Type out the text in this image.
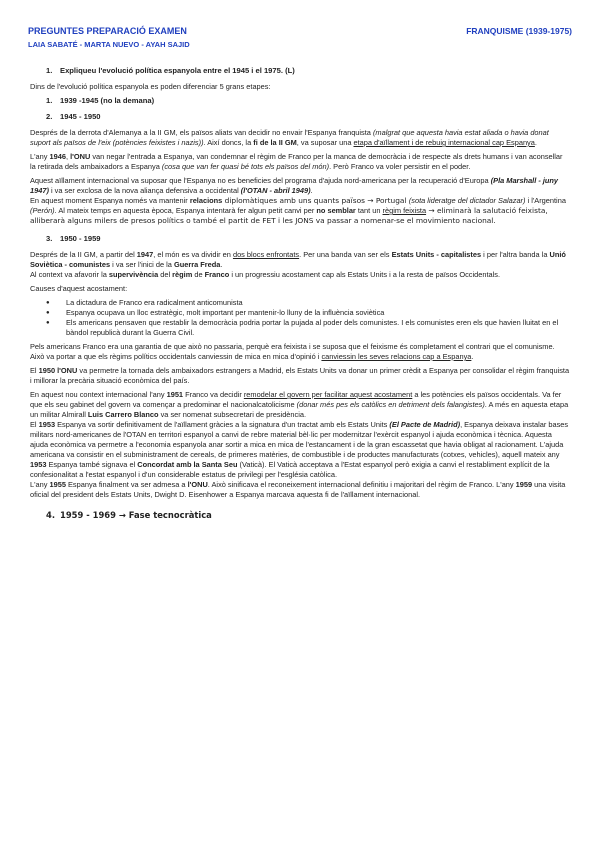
PREGUNTES PREPARACIÓ EXAMEN	FRANQUISME (1939-1975)
LAIA SABATÉ - MARTA NUEVO - AYAH SAJID
1. Expliqueu l'evolució política espanyola entre el 1945 i el 1975. (L)

Dins de l'evolució política espanyola es poden diferenciar 5 grans etapes:

1. 1939 -1945 (no la demana)
2. 1945 - 1950

Després de la derrota d'Alemanya a la II GM, els països aliats van decidir no envair l'Espanya franquista (malgrat que aquesta havia estat aliada o havia donat suport als països de l'eix (potències feixistes i nazis)). Així doncs, la fi de la II GM, va suposar una etapa d'aïllament i de rebuig internacional cap Espanya.

L'any 1946, l'ONU van negar l'entrada a Espanya, van condemnar el règim de Franco per la manca de democràcia i de respecte als drets humans i van aconsellar la retirada dels ambaixadors a Espanya (cosa que van fer quasi bé tots els països del món). Però Franco va voler persistir en el poder.

Aquest aïllament internacional va suposar que l'Espanya no es beneficies del programa d'ajuda nord-americana per la recuperació d'Europa (Pla Marshall - juny 1947) i va ser exclosa de la nova aliança defensiva a occidental (l'OTAN - abril 1949).

En aquest moment Espanya només va mantenir relacions diplomàtiques amb uns quants països → Portugal (sota lideratge del dictador Salazar) i l'Argentina (Perón). Al mateix temps en aquesta època, Espanya intentarà fer algun petit canvi per no semblar tant un règim feixista → eliminarà la salutació feixista, alliberarà alguns milers de presos polítics o també el partit de FET i les JONS va passar a nomenar-se el movimiento nacional.

3. 1950 - 1959

Després de la II GM, a partir del 1947, el món es va dividir en dos blocs enfrontats. Per una banda van ser els Estats Units - capitalistes i per l'altra banda la Unió Soviètica - comunistes i va ser l'inici de la Guerra Freda.
Al context va afavorir la supervivència del règim de Franco i un progressiu acostament cap als Estats Units i a la resta de països Occidentals.

Causes d'aquest acostament:

● La dictadura de Franco era radicalment anticomunista
● Espanya ocupava un lloc estratègic, molt important per mantenir-lo lluny de la influència soviètica
● Els americans pensaven que restablir la democràcia podria portar la pujada al poder dels comunistes. I els comunistes eren els que havien lluitat en el bàndol republicà durant la Guerra Civil.

Pels americans Franco era una garantia de que això no passaria, perquè era feixista i se suposa que el feixisme és completament el contrari que el comunisme. Això va portar a que els règims polítics occidentals canviessin de mica en mica d'opinió i canviessin les seves relacions cap a Espanya.

El 1950 l'ONU va permetre la tornada dels ambaixadors estrangers a Madrid, els Estats Units va donar un primer crèdit a Espanya per consolidar el règim franquista i millorar la precària situació econòmica del país.

En aquest nou context internacional l'any 1951 Franco va decidir remodelar el govern per facilitar aquest acostament a les potències els països occidentals. Va fer que els seu gabinet del govern va començar a predominar el nacionalcatolicisme (donar més pes els catòlics en detriment dels falangistes). A més en aquesta etapa un militar Almirall Luis Carrero Blanco va ser nomenat subsecretari de presidència.

El 1953 Espanya va sortir definitivament de l'aïllament gràcies a la signatura d'un tractat amb els Estats Units (El Pacte de Madrid), Espanya deixava instalar bases militars nord-americanes de l'OTAN en territori espanyol a canvi de rebre material bèl·lic per modernitzar l'exèrcit espanyol i ajuda econòmica i tècnica. Aquesta ajuda econòmica va permetre a l'economia espanyola anar sortir a mica en mica de l'estancament i de la gran escassetat que havia obligat al racionament. L'ajuda americana va consistir en el subministrament de cereals, de primeres matèries, de combustible i de productes manufacturats (cotxes, vehicles), aquell mateix any 1953 Espanya també signava el Concordat amb la Santa Seu (Vaticà). El Vaticà acceptava a l'Estat espanyol però exigia a canvi el restabliment explícit de la confesionalitat a l'estat espanyol i d'un considerable estatus de privilegi per l'església catòlica.

L'any 1955 Espanya finalment va ser admesa a l'ONU. Això sinificava el reconeixement internacional definitiu i majoritari del règim de Franco. L'any 1959 una visita oficial del president dels Estats Units, Dwight D. Eisenhower a Espanya marcava aquesta fi de l'aïllament internacional.

4. 1959 - 1969 → Fase tecnocràtica
